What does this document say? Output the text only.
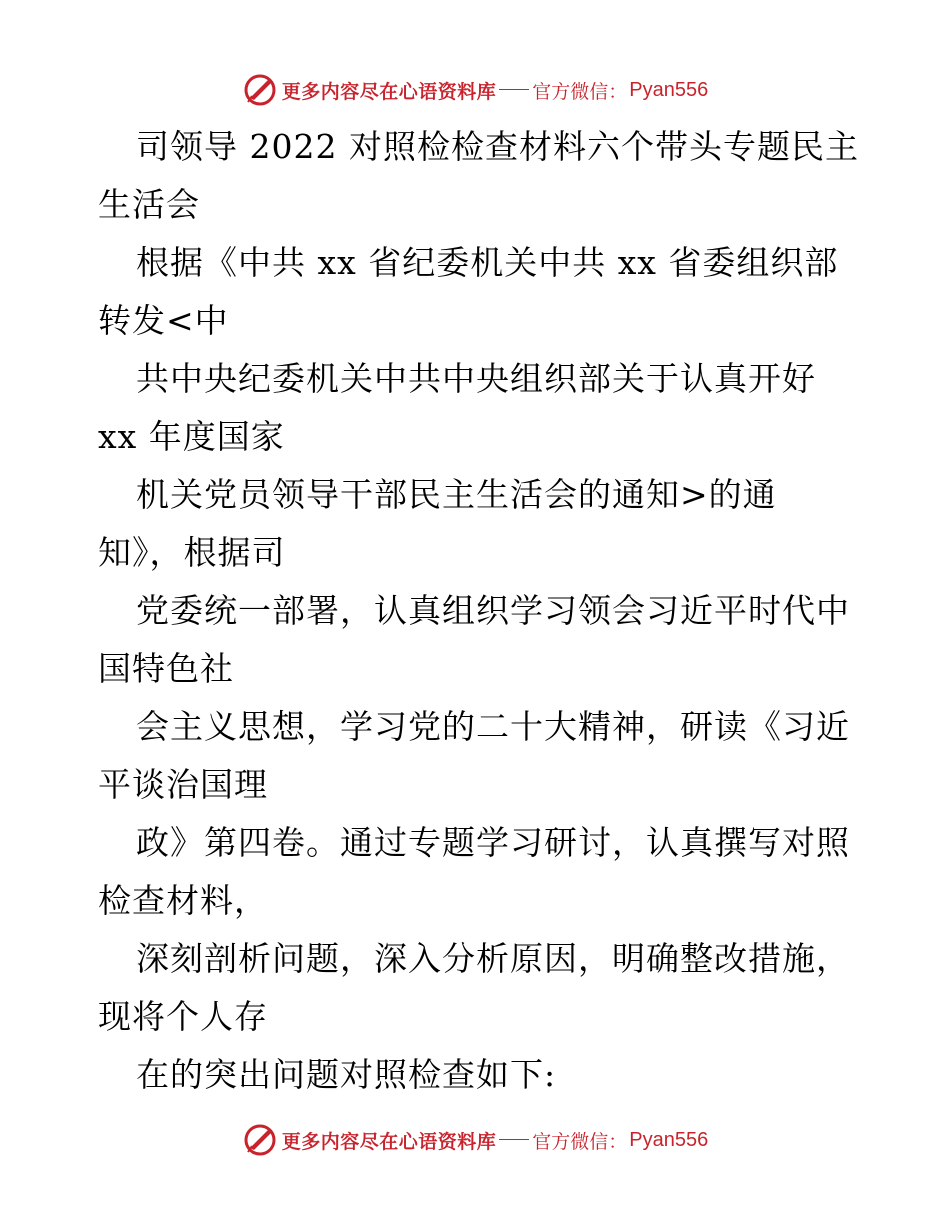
更多内容尽在心语资料库 官方微信： Pyan556
司领导 2022 对照检检查材料六个带头专题民主
生活会
根据《中共 xx 省纪委机关中共 xx 省委组织部
转发<中
共中央纪委机关中共中央组织部关于认真开好
xx 年度国家
机关党员领导干部民主生活会的通知>的通
知》，根据司
党委统一部署，认真组织学习领会习近平时代中
国特色社
会主义思想，学习党的二十大精神，研读《习近
平谈治国理
政》第四卷。通过专题学习研讨，认真撰写对照
检查材料，
深刻剖析问题，深入分析原因，明确整改措施，
现将个人存
在的突出问题对照检查如下:
更多内容尽在心语资料库 官方微信： Pyan556
